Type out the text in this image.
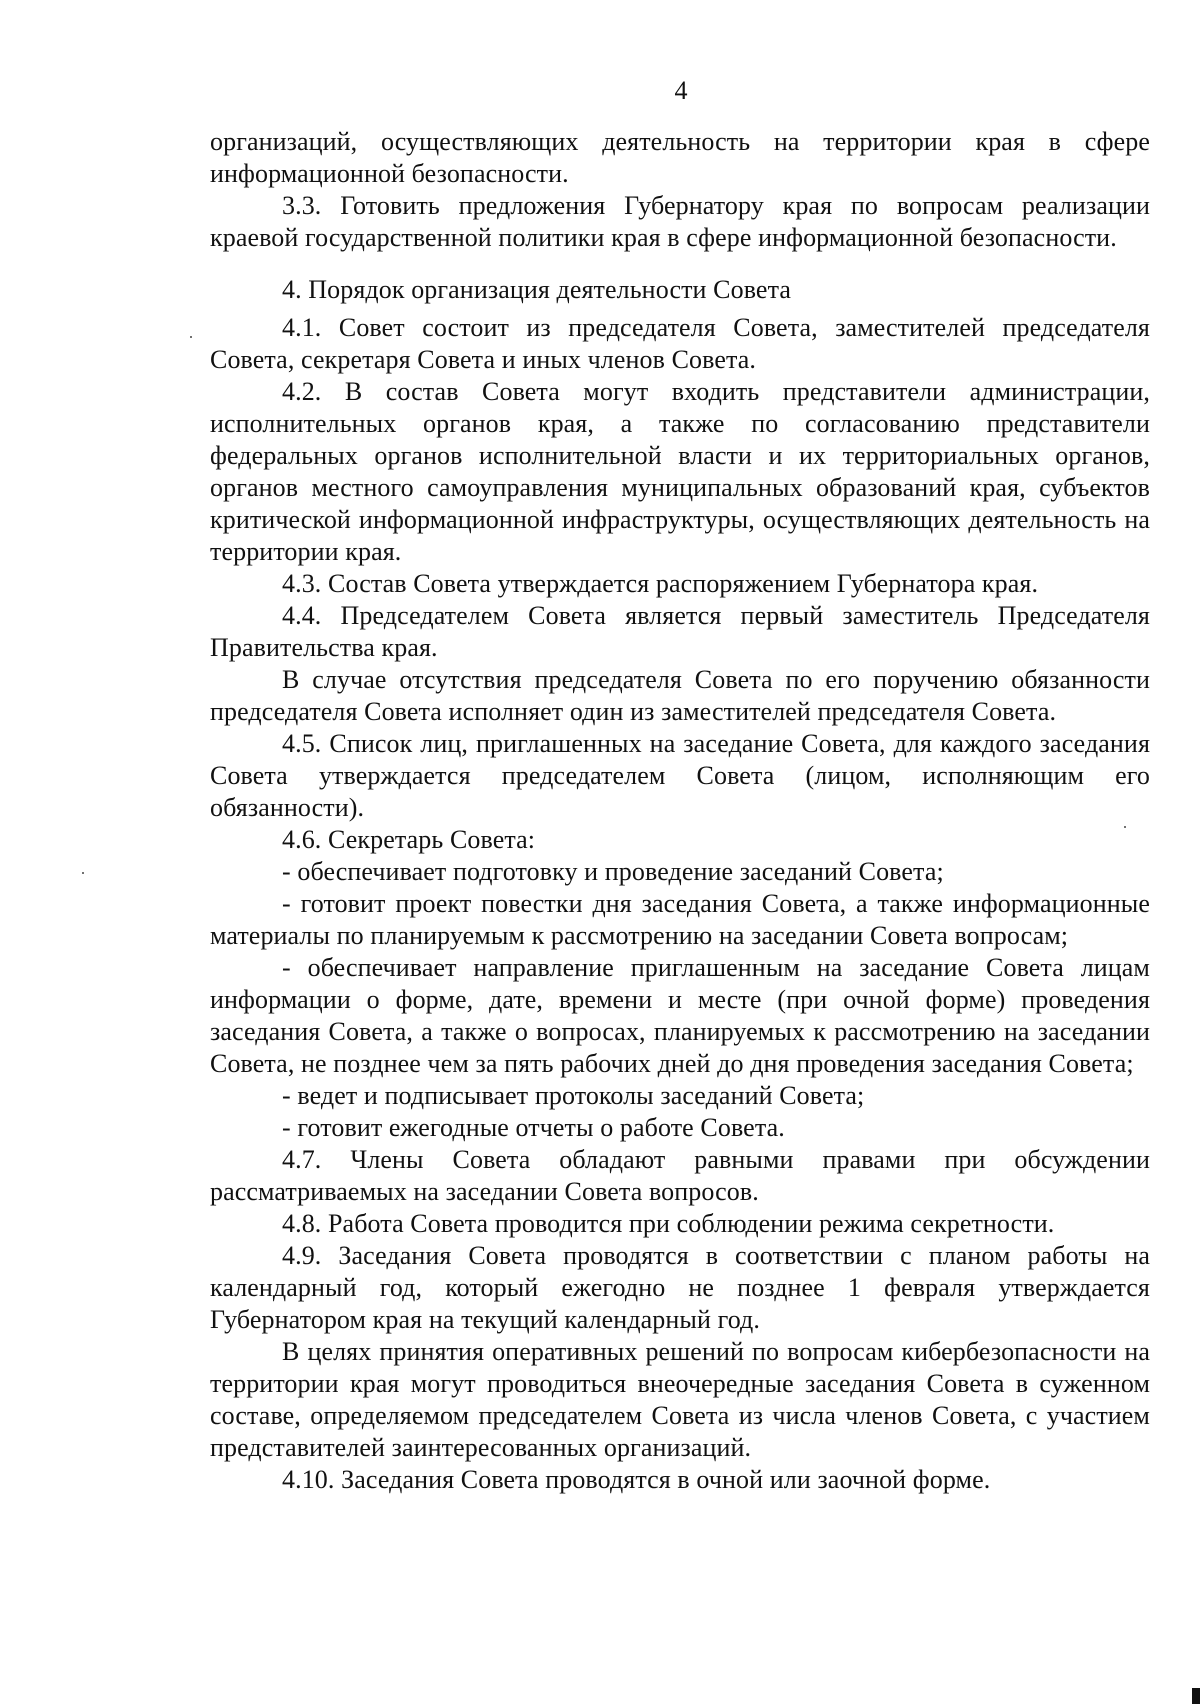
4

организаций, осуществляющих деятельность на территории края в сфере информационной безопасности.

3.3. Готовить предложения Губернатору края по вопросам реализации краевой государственной политики края в сфере информационной безопасности.

4. Порядок организация деятельности Совета

4.1. Совет состоит из председателя Совета, заместителей председателя Совета, секретаря Совета и иных членов Совета.

4.2. В состав Совета могут входить представители администрации, исполнительных органов края, а также по согласованию представители федеральных органов исполнительной власти и их территориальных органов, органов местного самоуправления муниципальных образований края, субъектов критической информационной инфраструктуры, осуществляющих деятельность на территории края.

4.3. Состав Совета утверждается распоряжением Губернатора края.

4.4. Председателем Совета является первый заместитель Председателя Правительства края.

В случае отсутствия председателя Совета по его поручению обязанности председателя Совета исполняет один из заместителей председателя Совета.

4.5. Список лиц, приглашенных на заседание Совета, для каждого заседания Совета утверждается председателем Совета (лицом, исполняющим его обязанности).

4.6. Секретарь Совета:

- обеспечивает подготовку и проведение заседаний Совета;

- готовит проект повестки дня заседания Совета, а также информационные материалы по планируемым к рассмотрению на заседании Совета вопросам;

- обеспечивает направление приглашенным на заседание Совета лицам информации о форме, дате, времени и месте (при очной форме) проведения заседания Совета, а также о вопросах, планируемых к рассмотрению на заседании Совета, не позднее чем за пять рабочих дней до дня проведения заседания Совета;

- ведет и подписывает протоколы заседаний Совета;

- готовит ежегодные отчеты о работе Совета.

4.7. Члены Совета обладают равными правами при обсуждении рассматриваемых на заседании Совета вопросов.

4.8. Работа Совета проводится при соблюдении режима секретности.

4.9. Заседания Совета проводятся в соответствии с планом работы на календарный год, который ежегодно не позднее 1 февраля утверждается Губернатором края на текущий календарный год.

В целях принятия оперативных решений по вопросам кибербезопасности на территории края могут проводиться внеочередные заседания Совета в суженном составе, определяемом председателем Совета из числа членов Совета, с участием представителей заинтересованных организаций.

4.10. Заседания Совета проводятся в очной или заочной форме.
